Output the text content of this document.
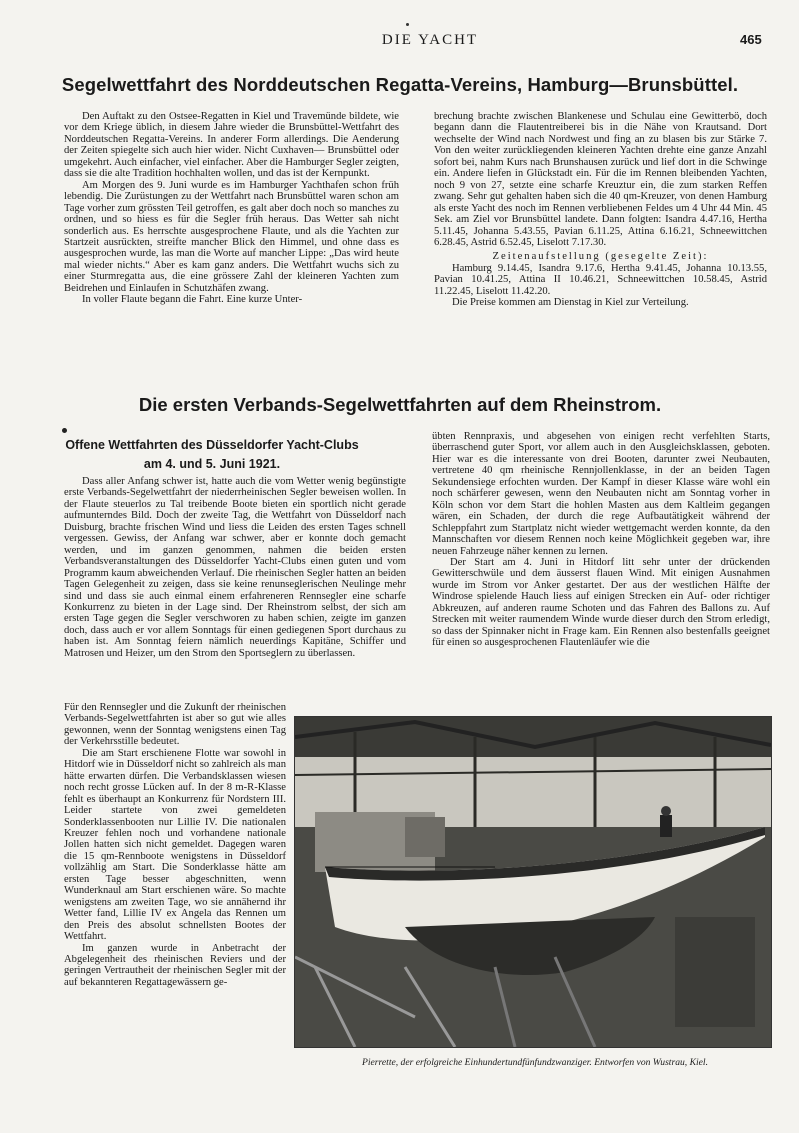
DIE YACHT	465
Segelwettfahrt des Norddeutschen Regatta-Vereins, Hamburg—Brunsbüttel.

Den Auftakt zu den Ostsee-Regatten in Kiel und Travemünde bildete, wie vor dem Kriege üblich, in diesem Jahre wieder die Brunsbüttel-Wettfahrt des Norddeutschen Regatta-Vereins. In anderer Form allerdings. Die Aenderung der Zeiten spiegelte sich auch hier wider. Nicht Cuxhaven— Brunsbüttel oder umgekehrt. Auch einfacher, viel einfacher. Aber die Hamburger Segler zeigten, dass sie die alte Tradition hochhalten wollen, und das ist der Kernpunkt.

Am Morgen des 9. Juni wurde es im Hamburger Yachthafen schon früh lebendig. Die Zurüstungen zu der Wettfahrt nach Brunsbüttel waren schon am Tage vorher zum grössten Teil getroffen, es galt aber doch noch so manches zu ordnen, und so hiess es für die Segler früh heraus. Das Wetter sah nicht sonderlich aus. Es herrschte ausgesprochene Flaute, und als die Yachten zur Startzeit ausrückten, streifte mancher Blick den Himmel, und ohne dass es ausgesprochen wurde, las man die Worte auf mancher Lippe: „Das wird heute mal wieder nichts.“ Aber es kam ganz anders. Die Wettfahrt wuchs sich zu einer Sturmregatta aus, die eine grössere Zahl der kleineren Yachten zum Beidrehen und Einlaufen in Schutzhäfen zwang.

In voller Flaute begann die Fahrt. Eine kurze Unter-

brechung brachte zwischen Blankenese und Schulau eine Gewitterbö, doch begann dann die Flautentreiberei bis in die Nähe von Krautsand. Dort wechselte der Wind nach Nordwest und fing an zu blasen bis zur Stärke 7. Von den weiter zurückliegenden kleineren Yachten drehte eine ganze Anzahl sofort bei, nahm Kurs nach Brunshausen zurück und lief dort in die Schwinge ein. Andere liefen in Glückstadt ein. Für die im Rennen bleibenden Yachten, noch 9 von 27, setzte eine scharfe Kreuztur ein, die zum starken Reffen zwang. Sehr gut gehalten haben sich die 40 qm-Kreuzer, von denen Hamburg als erste Yacht des noch im Rennen verbliebenen Feldes um 4 Uhr 44 Min. 45 Sek. am Ziel vor Brunsbüttel landete. Dann folgten: Isandra 4.47.16, Hertha 5.11.45, Johanna 5.43.55, Pavian 6.11.25, Attina 6.16.21, Schneewittchen 6.28.45, Astrid 6.52.45, Liselott 7.17.30.

Zeitenaufstellung (gesegelte Zeit):

Hamburg 9.14.45, Isandra 9.17.6, Hertha 9.41.45, Johanna 10.13.55, Pavian 10.41.25, Attina II 10.46.21, Schneewittchen 10.58.45, Astrid 11.22.45, Liselott 11.42.20.

Die Preise kommen am Dienstag in Kiel zur Verteilung.

Die ersten Verbands-Segelwettfahrten auf dem Rheinstrom.
Offene Wettfahrten des Düsseldorfer Yacht-Clubs
am 4. und 5. Juni 1921.

Dass aller Anfang schwer ist, hatte auch die vom Wetter wenig begünstigte erste Verbands-Segelwettfahrt der niederrheinischen Segler beweisen wollen. In der Flaute steuerlos zu Tal treibende Boote bieten ein sportlich nicht gerade aufmunterndes Bild. Doch der zweite Tag, die Wettfahrt von Düsseldorf nach Duisburg, brachte frischen Wind und liess die Leiden des ersten Tages schnell vergessen. Gewiss, der Anfang war schwer, aber er konnte doch gemacht werden, und im ganzen genommen, nahmen die beiden ersten Verbandsveranstaltungen des Düsseldorfer Yacht-Clubs einen guten und vom Programm kaum abweichenden Verlauf. Die rheinischen Segler hatten an beiden Tagen Gelegenheit zu zeigen, dass sie keine renunseglerischen Neulinge mehr sind und dass sie auch einmal einem erfahreneren Rennsegler eine scharfe Konkurrenz zu bieten in der Lage sind. Der Rheinstrom selbst, der sich am ersten Tage gegen die Segler verschworen zu haben schien, zeigte im ganzen doch, dass auch er vor allem Sonntags für einen gediegenen Sport durchaus zu haben ist. Am Sonntag feiern nämlich neuerdings Kapitäne, Schiffer und Matrosen und Heizer, um den Strom den Sportseglern zu überlassen.

Für den Rennsegler und die Zukunft der rheinischen Verbands-Segelwettfahrten ist aber so gut wie alles gewonnen, wenn der Sonntag wenigstens einen Tag der Verkehrsstille bedeutet.

Die am Start erschienene Flotte war sowohl in Hitdorf wie in Düsseldorf nicht so zahlreich als man hätte erwarten dürfen. Die Verbandsklassen wiesen noch recht grosse Lücken auf. In der 8 m-R-Klasse fehlt es überhaupt an Konkurrenz für Nordstern III. Leider startete von zwei gemeldeten Sonderklassenbooten nur Lillie IV. Die nationalen Kreuzer fehlen noch und vorhandene nationale Jollen hatten sich nicht gemeldet. Dagegen waren die 15 qm-Rennboote wenigstens in Düsseldorf vollzählig am Start. Die Sonderklasse hätte am ersten Tage besser abgeschnitten, wenn Wunderknaul am Start erschienen wäre. So machte wenigstens am zweiten Tage, wo sie annähernd ihr Wetter fand, Lillie IV ex Angela das Rennen um den Preis des absolut schnellsten Bootes der Wettfahrt.

Im ganzen wurde in Anbetracht der Abgelegenheit des rheinischen Reviers und der geringen Vertrautheit der rheinischen Segler mit der auf bekannteren Regattagewässern ge-

übten Rennpraxis, und abgesehen von einigen recht verfehlten Starts, überraschend guter Sport, vor allem auch in den Ausgleichsklassen, geboten. Hier war es die interessante von drei Booten, darunter zwei Neubauten, vertretene 40 qm rheinische Rennjollenklasse, in der an beiden Tagen Sekundensiege erfochten wurden. Der Kampf in dieser Klasse wäre wohl ein noch schärferer gewesen, wenn den Neubauten nicht am Sonntag vorher in Köln schon vor dem Start die hohlen Masten aus dem Kaltleim gegangen wären, ein Schaden, der durch die rege Aufbautätigkeit während der Schleppfahrt zum Startplatz nicht wieder wettgemacht werden konnte, da den Mannschaften vor diesem Rennen noch keine Möglichkeit gegeben war, ihre neuen Fahrzeuge näher kennen zu lernen.

Der Start am 4. Juni in Hitdorf litt sehr unter der drückenden Gewitterschwüle und dem äusserst flauen Wind. Mit einigen Ausnahmen wurde im Strom vor Anker gestartet. Der aus der westlichen Hälfte der Windrose spielende Hauch liess auf einigen Strecken ein Auf- oder richtiger Abkreuzen, auf anderen raume Schoten und das Fahren des Ballons zu. Auf Strecken mit weiter raumendem Winde wurde dieser durch den Strom erledigt, so dass der Spinnaker nicht in Frage kam. Ein Rennen also bestenfalls geeignet für einen so ausgesprochenen Flautenläufer wie die

Pierrette, der erfolgreiche Einhundertundfünfundzwanziger. Entworfen von Wustrau, Kiel.
